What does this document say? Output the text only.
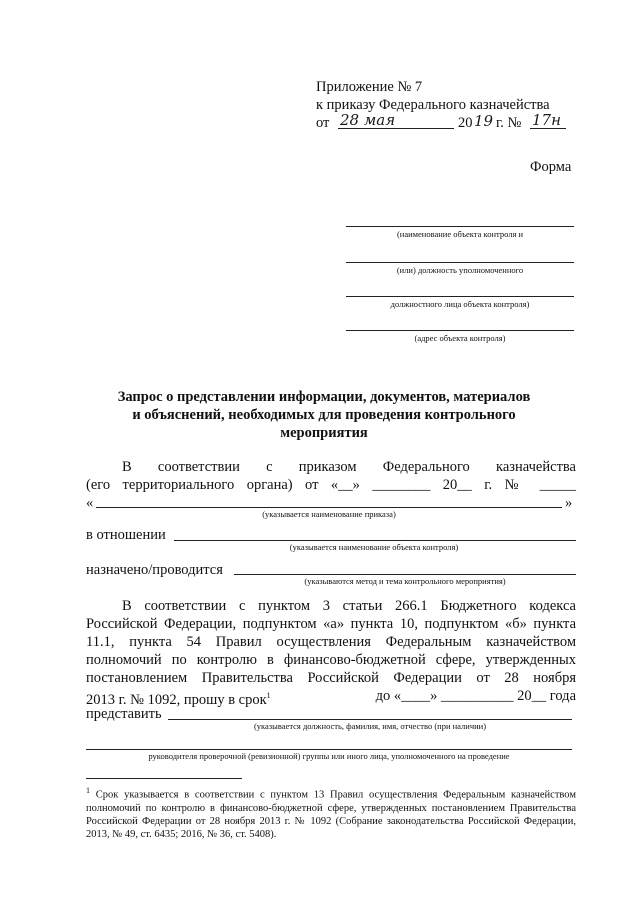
Приложение № 7
к приказу Федерального казначейства
от 28 мая	20 19 г. № 17н
Форма
(наименование объекта контроля и
(или) должность уполномоченного
должностного лица объекта контроля)
(адрес объекта контроля)
Запрос о представлении информации, документов, материалов
и объяснений, необходимых для проведения контрольного
мероприятия
В соответствии с приказом Федерального казначейства
(его территориального органа) от «__» ________ 20__ г. № _____
«	»
(указывается наименование приказа)
в отношении
(указывается наименование объекта контроля)
назначено/проводится
(указываются метод и тема контрольного мероприятия)
В соответствии с пунктом 3 статьи 266.1 Бюджетного кодекса
Российской Федерации, подпунктом «а» пункта 10, подпунктом «б» пункта
11.1, пункта 54 Правил осуществления Федеральным казначейством
полномочий по контролю в финансово-бюджетной сфере, утвержденных
постановлением Правительства Российской Федерации от 28 ноября
2013 г. № 1092, прошу в срок$^1$	до «____» __________ 20__ года
представить
(указывается должность, фамилия, имя, отчество (при наличии)
руководителя проверочной (ревизионной) группы или иного лица, уполномоченного на проведение
$^1$ Срок указывается в соответствии с пунктом 13 Правил осуществления Федеральным казначейством
полномочий по контролю в финансово-бюджетной сфере, утвержденных постановлением Правительства
Российской Федерации от 28 ноября 2013 г. № 1092 (Собрание законодательства Российской Федерации,
2013, № 49, ст. 6435; 2016, № 36, ст. 5408).
